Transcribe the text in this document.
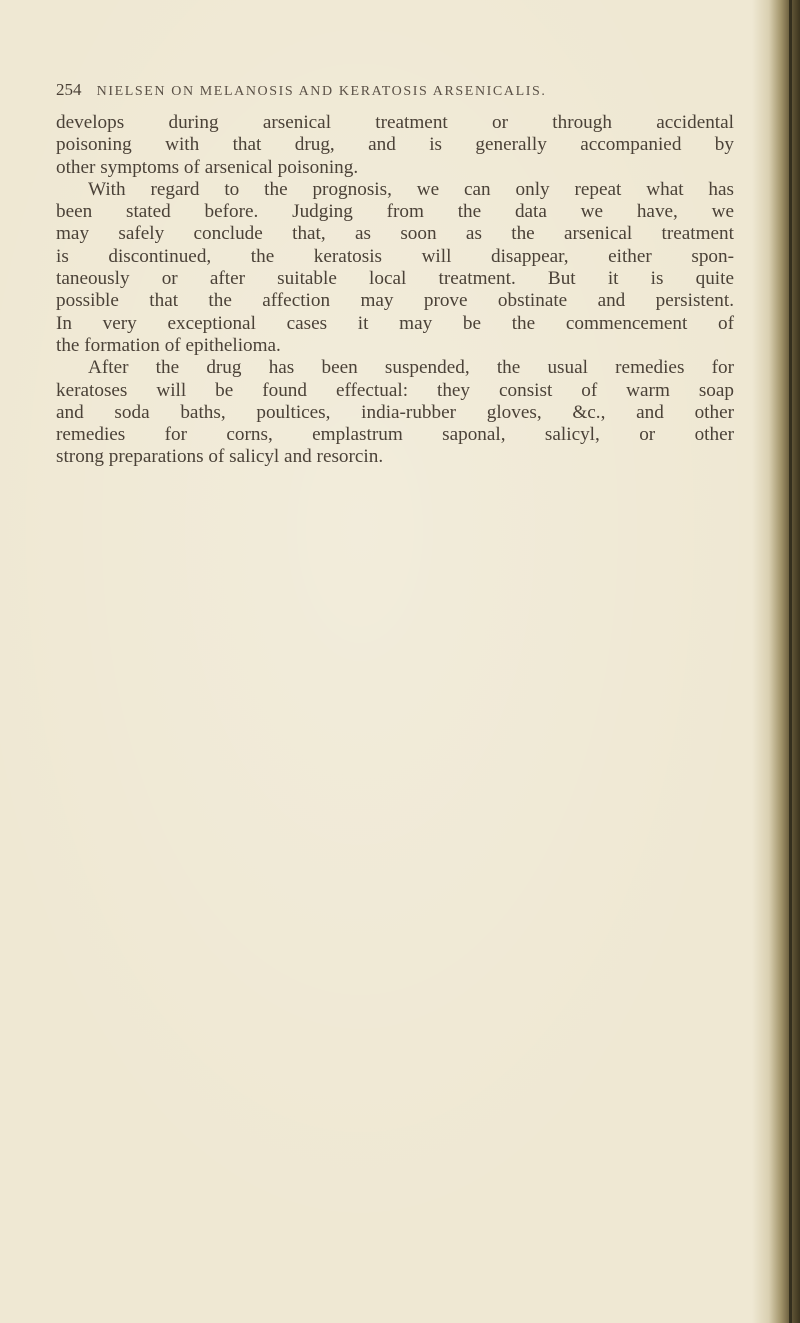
254 NIELSEN ON MELANOSIS AND KERATOSIS ARSENICALIS.
develops during arsenical treatment or through accidental
poisoning with that drug, and is generally accompanied by
other symptoms of arsenical poisoning.
With regard to the prognosis, we can only repeat what has
been stated before. Judging from the data we have, we
may safely conclude that, as soon as the arsenical treatment
is discontinued, the keratosis will disappear, either spon-
taneously or after suitable local treatment. But it is quite
possible that the affection may prove obstinate and persistent.
In very exceptional cases it may be the commencement of
the formation of epithelioma.
After the drug has been suspended, the usual remedies for
keratoses will be found effectual: they consist of warm soap
and soda baths, poultices, india-rubber gloves, &c., and other
remedies for corns, emplastrum saponal, salicyl, or other
strong preparations of salicyl and resorcin.
